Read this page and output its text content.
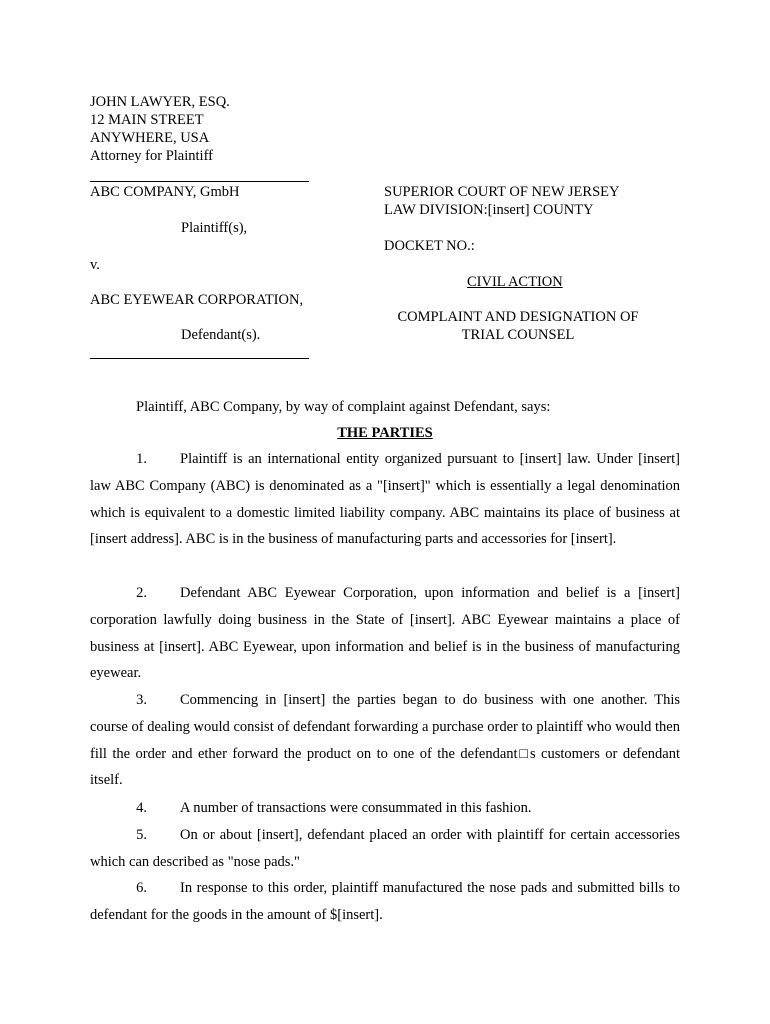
JOHN LAWYER, ESQ.
12 MAIN STREET
ANYWHERE, USA
Attorney for Plaintiff
ABC COMPANY, GmbH
Plaintiff(s),
v.
ABC EYEWEAR CORPORATION,
Defendant(s).
SUPERIOR COURT OF NEW JERSEY
LAW DIVISION:[insert] COUNTY
DOCKET NO.:
CIVIL ACTION
COMPLAINT AND DESIGNATION OF
TRIAL COUNSEL
Plaintiff, ABC Company, by way of complaint against Defendant, says:
THE PARTIES
1. Plaintiff is an international entity organized pursuant to [insert] law. Under [insert] law ABC Company (ABC) is denominated as a "[insert]" which is essentially a legal denomination which is equivalent to a domestic limited liability company. ABC maintains its place of business at [insert address]. ABC is in the business of manufacturing parts and accessories for [insert].
2. Defendant ABC Eyewear Corporation, upon information and belief is a [insert] corporation lawfully doing business in the State of [insert]. ABC Eyewear maintains a place of business at [insert]. ABC Eyewear, upon information and belief is in the business of manufacturing eyewear.
3. Commencing in [insert] the parties began to do business with one another. This course of dealing would consist of defendant forwarding a purchase order to plaintiff who would then fill the order and ether forward the product on to one of the defendant□s customers or defendant itself.
4. A number of transactions were consummated in this fashion.
5. On or about [insert], defendant placed an order with plaintiff for certain accessories which can described as "nose pads."
6. In response to this order, plaintiff manufactured the nose pads and submitted bills to defendant for the goods in the amount of $[insert].
